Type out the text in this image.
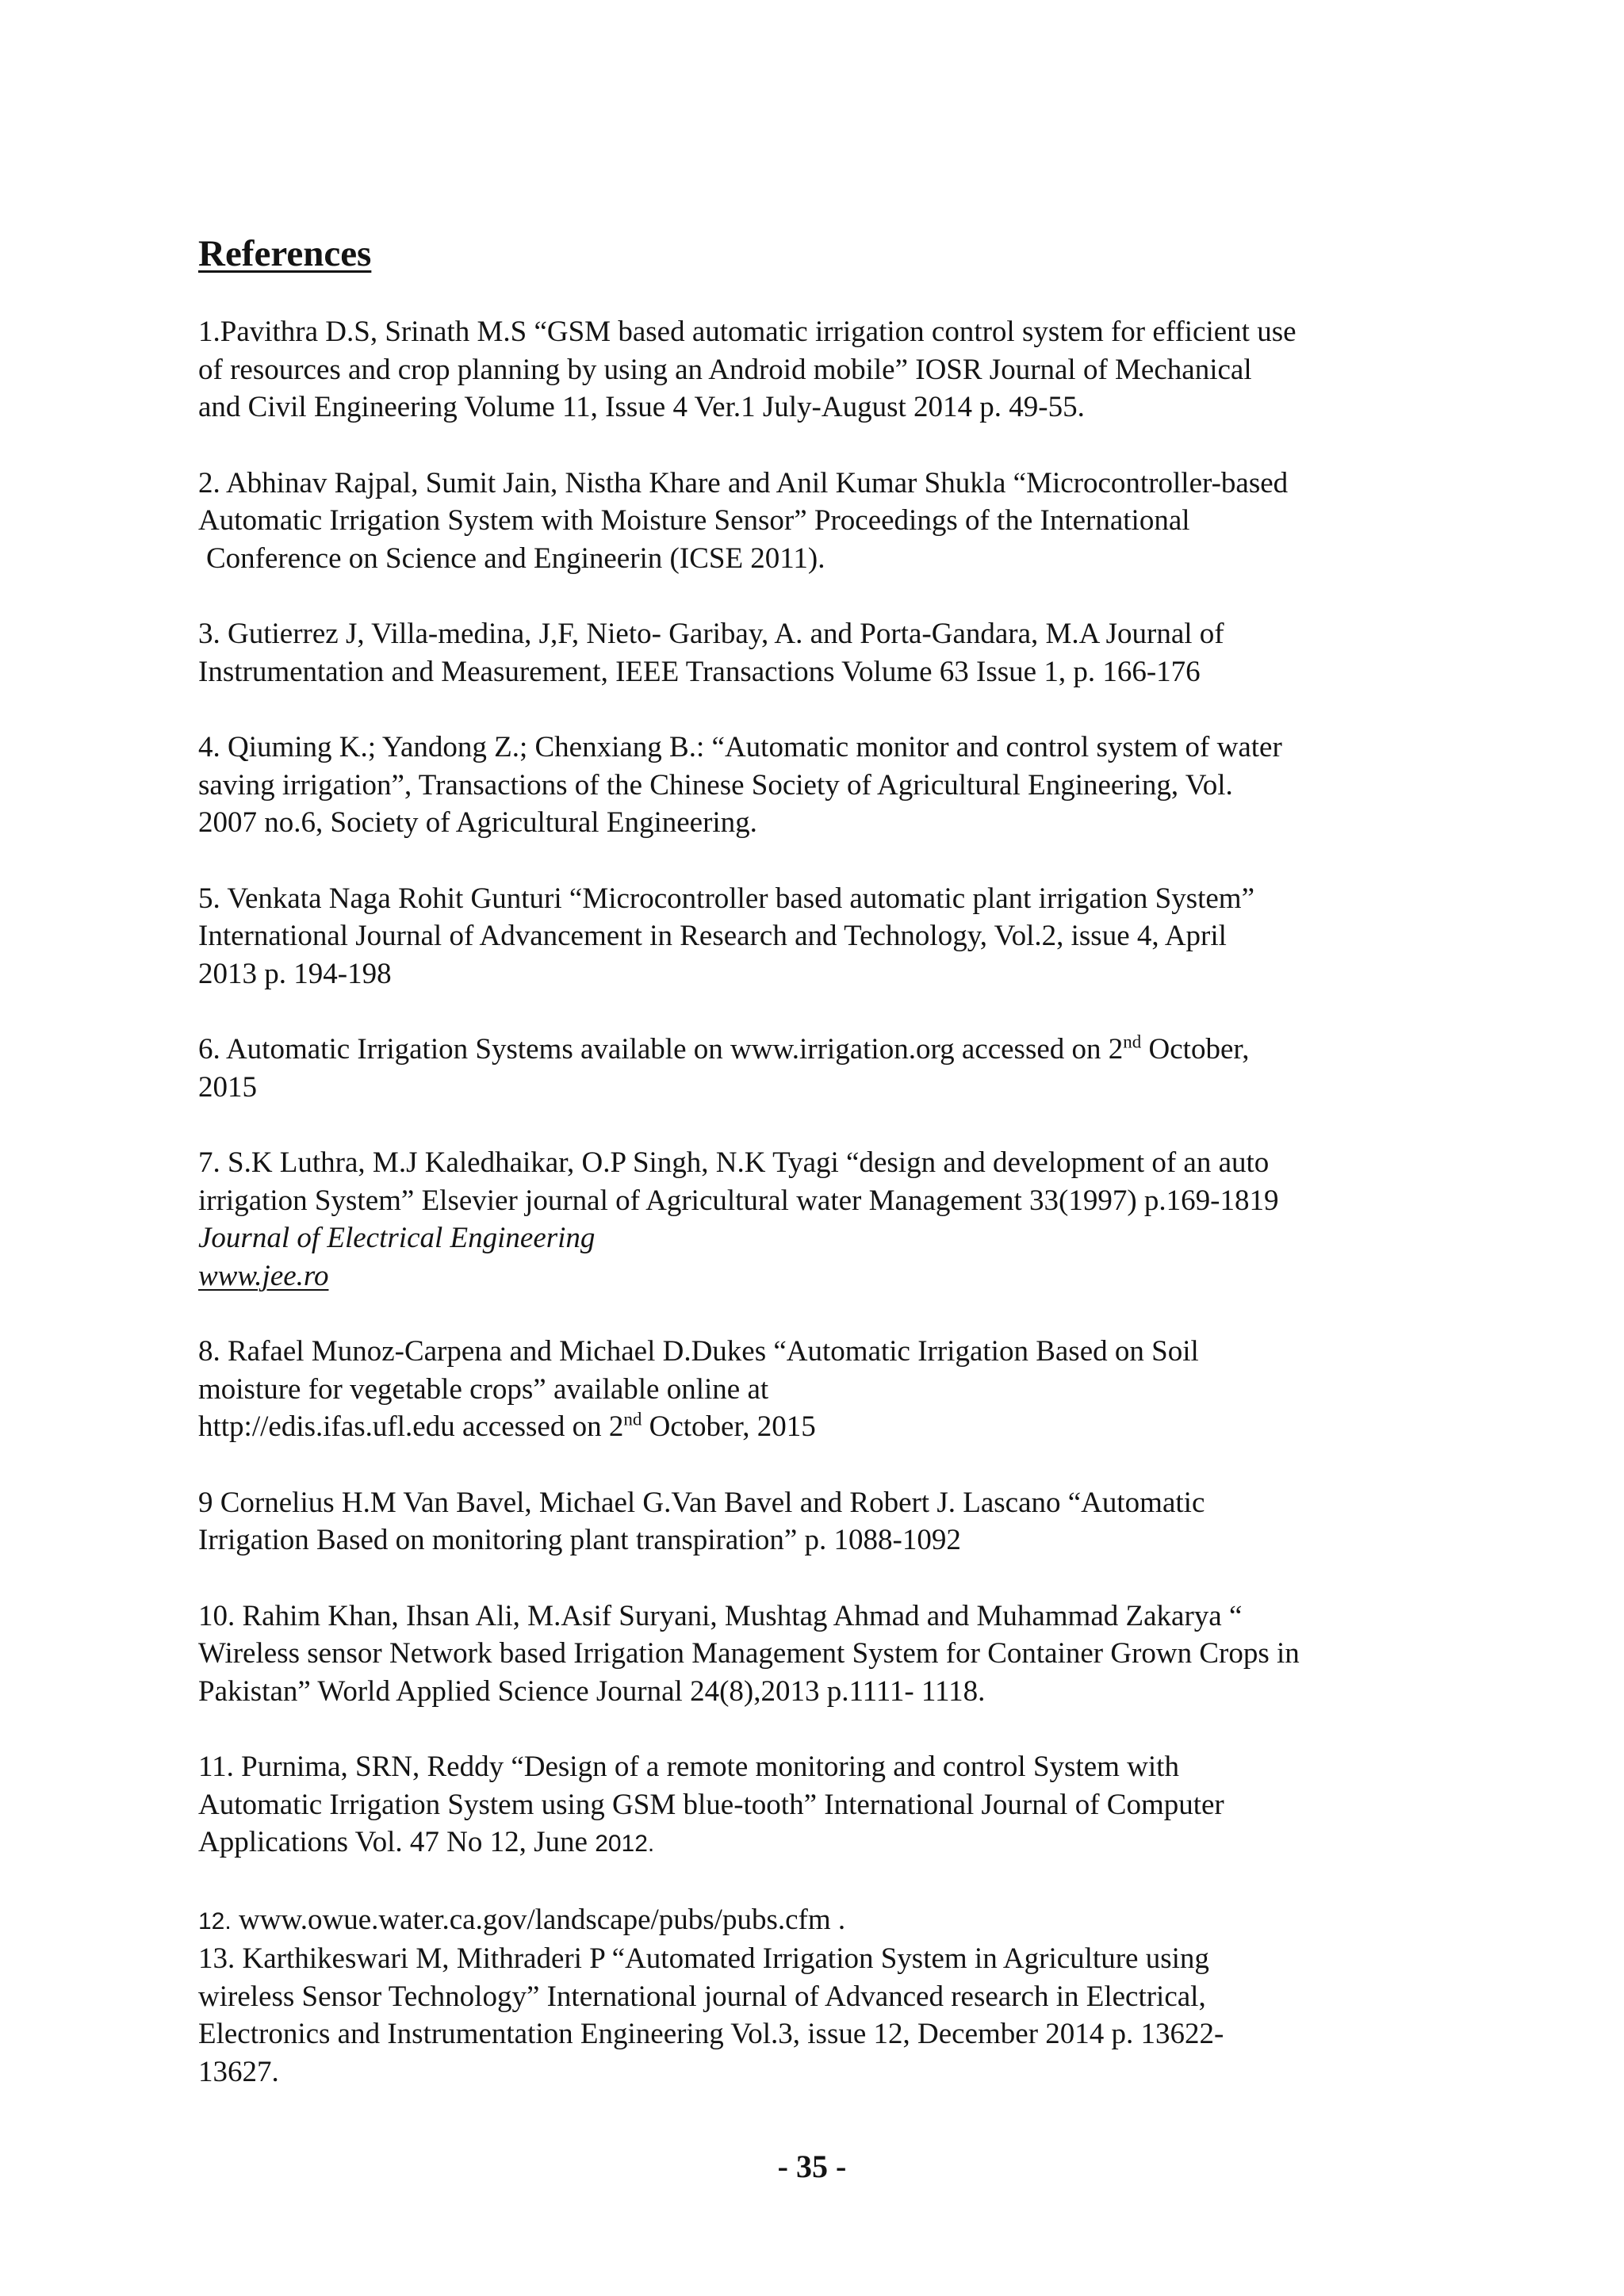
References
1.Pavithra D.S, Srinath M.S “GSM based automatic irrigation control system for efficient use
of resources and crop planning by using an Android mobile” IOSR Journal of Mechanical
and Civil Engineering Volume 11, Issue 4 Ver.1 July-August 2014 p. 49-55.
2. Abhinav Rajpal, Sumit Jain, Nistha Khare and Anil Kumar Shukla “Microcontroller-based
Automatic Irrigation System with Moisture Sensor” Proceedings of the International
Conference on Science and Engineerin (ICSE 2011).
3. Gutierrez J, Villa-medina, J,F, Nieto- Garibay, A. and Porta-Gandara, M.A Journal of
Instrumentation and Measurement, IEEE Transactions Volume 63 Issue 1, p. 166-176
4. Qiuming K.; Yandong Z.; Chenxiang B.: “Automatic monitor and control system of water
saving irrigation”, Transactions of the Chinese Society of Agricultural Engineering, Vol.
2007 no.6, Society of Agricultural Engineering.
5. Venkata Naga Rohit Gunturi “Microcontroller based automatic plant irrigation System”
International Journal of Advancement in Research and Technology, Vol.2, issue 4, April
2013 p. 194-198
6. Automatic Irrigation Systems available on www.irrigation.org accessed on 2nd October,
2015
7. S.K Luthra, M.J Kaledhaikar, O.P Singh, N.K Tyagi “design and development of an auto
irrigation System” Elsevier journal of Agricultural water Management 33(1997) p.169-1819
Journal of Electrical Engineering
www.jee.ro
8. Rafael Munoz-Carpena and Michael D.Dukes “Automatic Irrigation Based on Soil
moisture for vegetable crops” available online at
http://edis.ifas.ufl.edu accessed on 2nd October, 2015
9 Cornelius H.M Van Bavel, Michael G.Van Bavel and Robert J. Lascano “Automatic
Irrigation Based on monitoring plant transpiration” p. 1088-1092
10. Rahim Khan, Ihsan Ali, M.Asif Suryani, Mushtag Ahmad and Muhammad Zakarya “
Wireless sensor Network based Irrigation Management System for Container Grown Crops in
Pakistan” World Applied Science Journal 24(8),2013 p.1111- 1118.
11. Purnima, SRN, Reddy “Design of a remote monitoring and control System with
Automatic Irrigation System using GSM blue-tooth” International Journal of Computer
Applications Vol. 47 No 12, June 2012.
12. www.owue.water.ca.gov/landscape/pubs/pubs.cfm .
13. Karthikeswari M, Mithraderi P “Automated Irrigation System in Agriculture using
wireless Sensor Technology” International journal of Advanced research in Electrical,
Electronics and Instrumentation Engineering Vol.3, issue 12, December 2014 p. 13622-
13627.
- 35 -
